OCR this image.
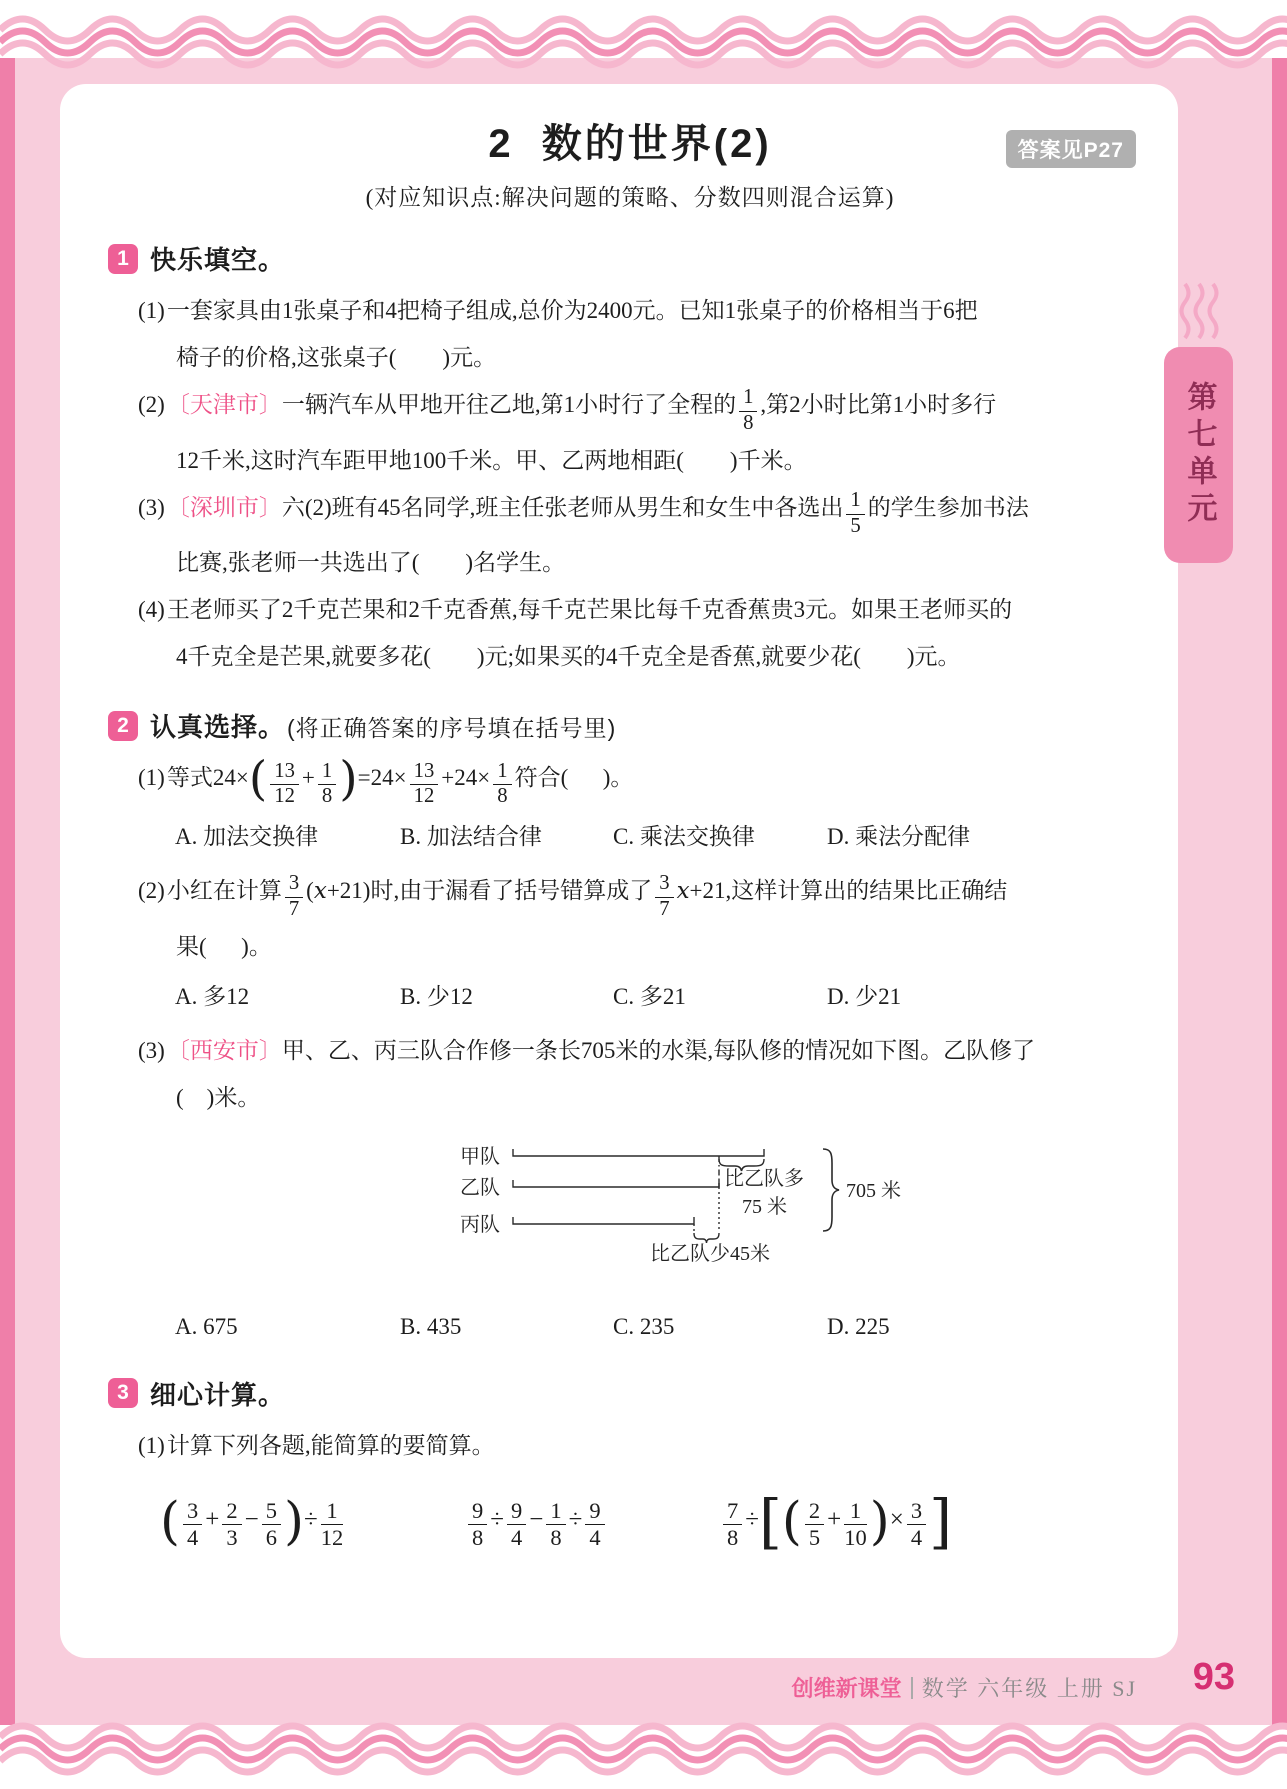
第七单元
答案见P27
2  数的世界(2)
(对应知识点:解决问题的策略、分数四则混合运算)
1 快乐填空。
(1)一套家具由1张桌子和4把椅子组成,总价为2400元。已知1张桌子的价格相当于6把
椅子的价格,这张桌子(        )元。
(2)〔天津市〕一辆汽车从甲地开往乙地,第1小时行了全程的 $\frac{1}{8}$ ,第2小时比第1小时多行
12千米,这时汽车距甲地100千米。甲、乙两地相距(        )千米。
(3)〔深圳市〕六(2)班有45名同学,班主任张老师从男生和女生中各选出 $\frac{1}{5}$ 的学生参加书法
比赛,张老师一共选出了(        )名学生。
(4)王老师买了2千克芒果和2千克香蕉,每千克芒果比每千克香蕉贵3元。如果王老师买的
4千克全是芒果,就要多花(        )元;如果买的4千克全是香蕉,就要少花(        )元。
2 认真选择。(将正确答案的序号填在括号里)
(1)等式$24\times( \frac{13}{12} + \frac{1}{8} )=24\times \frac{13}{12} +24\times \frac{1}{8}$ 符合(      )。
A. 加法交换律	B. 加法结合律	C. 乘法交换律	D. 乘法分配律
(2)小红在计算 $\frac{3}{7} (x+21)$时,由于漏看了括号错算成了 $\frac{3}{7} x+21$,这样计算出的结果比正确结
果(      )。
A. 多12	B. 少12	C. 多21	D. 少21
(3)〔西安市〕甲、乙、丙三队合作修一条长705米的水渠,每队修的情况如下图。乙队修了
(    )米。
甲队
乙队
丙队
比乙队多
75 米
比乙队少45米
705 米
A. 675	B. 435	C. 235	D. 225
3 细心计算。
(1)计算下列各题,能简算的要简算。
( $\frac{3}{4} + \frac{2}{3} - \frac{5}{6}$ )÷ $\frac{1}{12}$	$\frac{9}{8} \div \frac{9}{4} - \frac{1}{8} \div \frac{9}{4}$	$\frac{7}{8}$ ÷[( $\frac{2}{5} + \frac{1}{10}$ )× $\frac{3}{4}$ ]
创维新课堂 数学 六年级 上册 SJ 93
